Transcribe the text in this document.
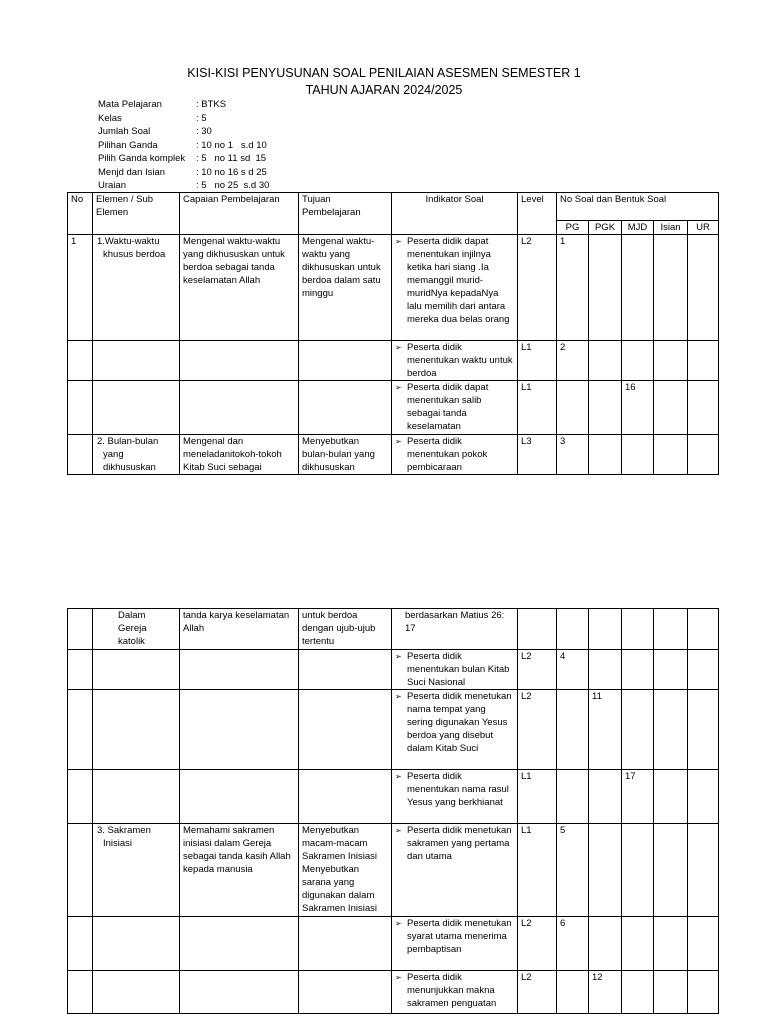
KISI-KISI PENYUSUNAN SOAL PENILAIAN ASESMEN SEMESTER 1
TAHUN AJARAN 2024/2025
Mata Pelajaran	: BTKS
Kelas	: 5
Jumlah Soal	: 30
Pilihan Ganda	: 10 no 1   s.d 10
Pilih Ganda komplek	: 5   no 11 sd  15
Menjd dan Isian	: 10 no 16 s d 25
Uraian	: 5   no 25  s.d 30
No	Elemen / Sub Elemen	Capaian Pembelajaran	Tujuan Pembelajaran	Indikator Soal	Level	No Soal dan Bentuk Soal				
						PG	PGK	MJD	Isian	UR
1	1.Waktu-waktu khusus berdoa	Mengenal waktu-waktu yang dikhususkan untuk berdoa sebagai tanda keselamatan Allah	Mengenal waktu-waktu yang dikhususkan untuk berdoa dalam satu minggu	➢ Peserta didik dapat menentukan injilnya ketika hari siang .Ia memanggil murid-muridNya kepadaNya lalu memilih dari antara mereka dua belas orang	L2	1				

				➢ Peserta didik menentukan waktu untuk berdoa	L1	2				

				➢ Peserta didik dapat menentukan salib sebagai tanda keselamatan	L1			16		
	2. Bulan-bulan yang dikhususkan	Mengenal dan meneladanitokoh-tokoh Kitab Suci sebagai	Menyebutkan bulan-bulan yang dikhususkan	➢ Peserta didik menentukan pokok pembicaraan	L3	3				
	Dalam Gereja katolik	tanda karya keselamatan Allah	untuk berdoa dengan ujub-ujub tertentu	berdasarkan Matius 26: 17						

				➢ Peserta didik menentukan bulan Kitab Suci Nasional	L2	4				

				➢ Peserta didik menetukan nama tempat yang sering digunakan Yesus berdoa yang disebut dalam Kitab Suci	L2		11			

				➢ Peserta didik menentukan nama rasul Yesus yang berkhianat	L1			17		
	3. Sakramen Inisiasi	Memahami sakramen inisiasi dalam Gereja sebagai tanda kasih Allah kepada manusia	Menyebutkan macam-macam Sakramen Inisiasi Menyebutkan sarana yang digunakan dalam Sakramen Inisiasi	➢ Peserta didik menetukan sakramen yang pertama dan utama	L1	5				

				➢ Peserta didik menetukan syarat utama menerima pembaptisan	L2	6				

				➢ Peserta didik menunjukkan makna sakramen penguatan	L2		12			
